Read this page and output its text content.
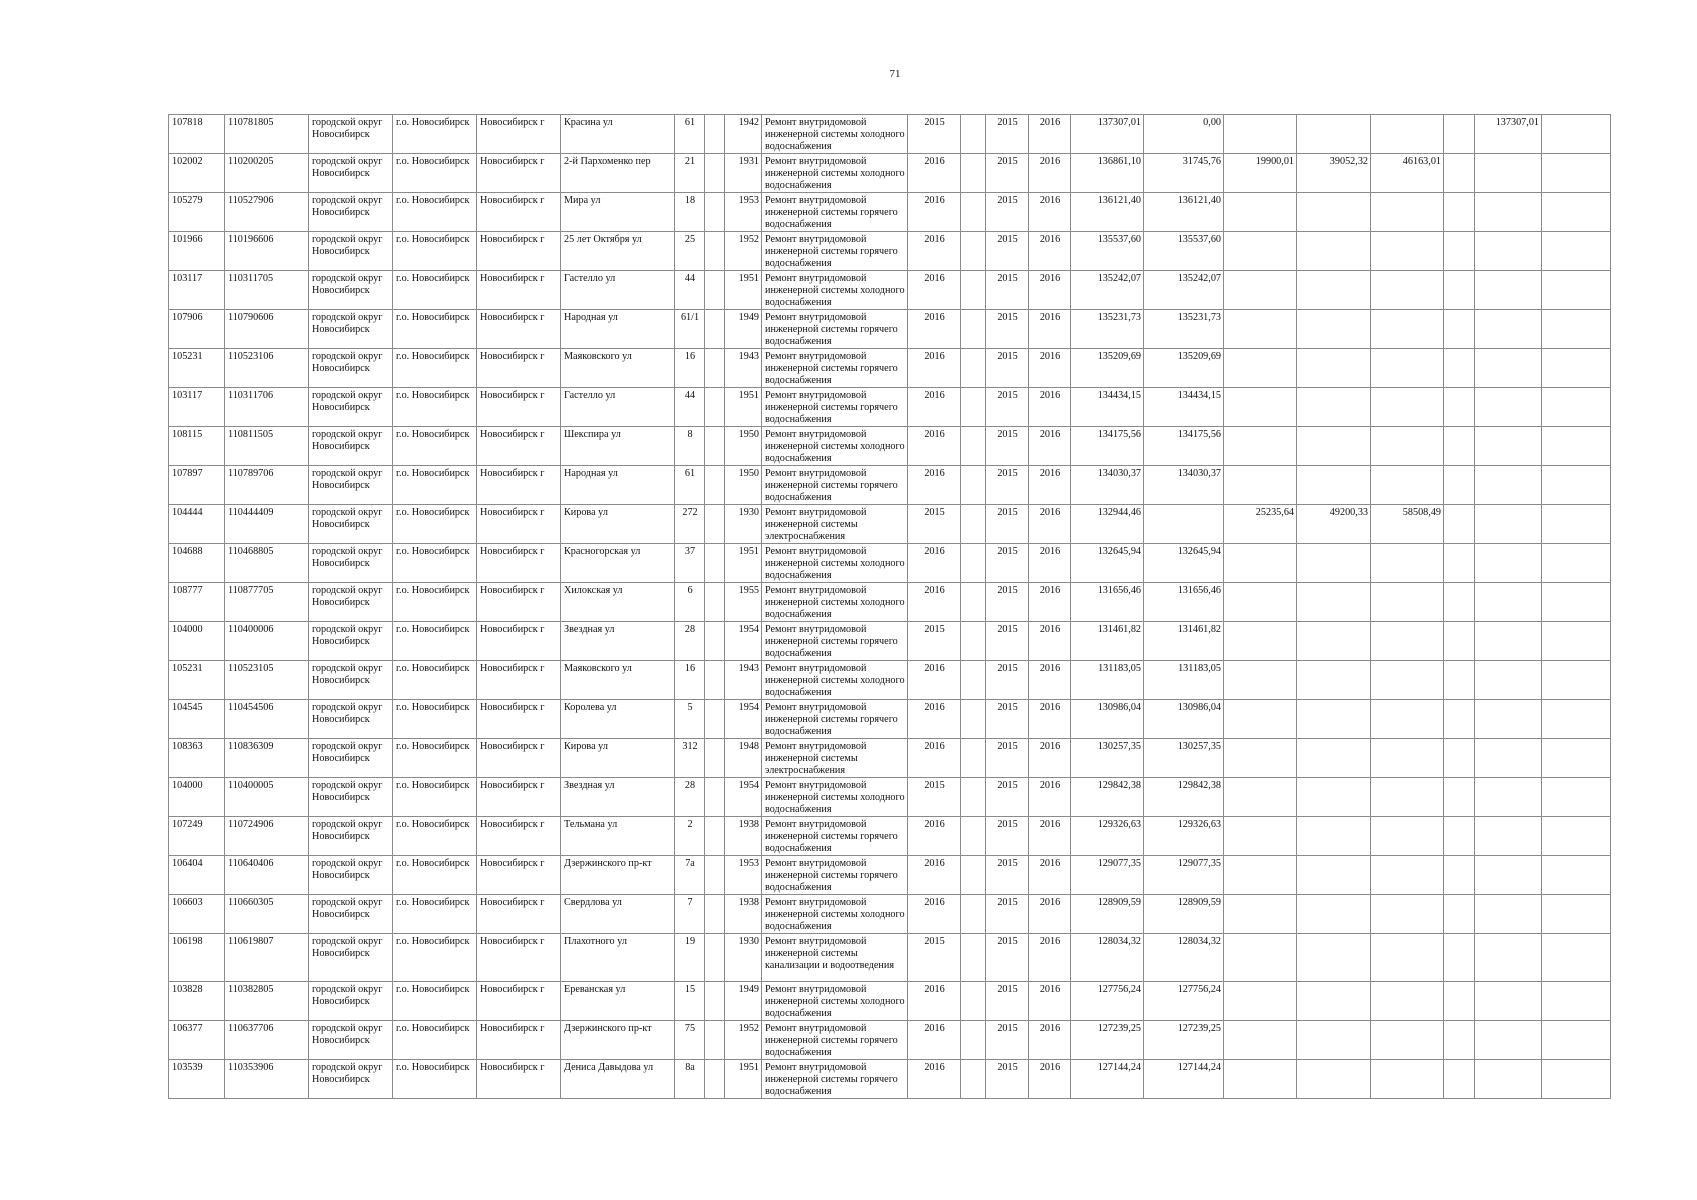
71
107818	110781805	городской округ Новосибирск	г.о. Новосибирск	Новосибирск г	Красина ул	61		1942	Ремонт внутридомовой инженерной системы холодного водоснабжения	2015		2015	2016	137307,01	0,00					137307,01	
102002	110200205	городской округ Новосибирск	г.о. Новосибирск	Новосибирск г	2-й Пархоменко пер	21		1931	Ремонт внутридомовой инженерной системы холодного водоснабжения	2016		2015	2016	136861,10	31745,76	19900,01	39052,32	46163,01			
105279	110527906	городской округ Новосибирск	г.о. Новосибирск	Новосибирск г	Мира ул	18		1953	Ремонт внутридомовой инженерной системы горячего водоснабжения	2016		2015	2016	136121,40	136121,40						
101966	110196606	городской округ Новосибирск	г.о. Новосибирск	Новосибирск г	25 лет Октября ул	25		1952	Ремонт внутридомовой инженерной системы горячего водоснабжения	2016		2015	2016	135537,60	135537,60						
103117	110311705	городской округ Новосибирск	г.о. Новосибирск	Новосибирск г	Гастелло ул	44		1951	Ремонт внутридомовой инженерной системы холодного водоснабжения	2016		2015	2016	135242,07	135242,07						
107906	110790606	городской округ Новосибирск	г.о. Новосибирск	Новосибирск г	Народная ул	61/1		1949	Ремонт внутридомовой инженерной системы горячего водоснабжения	2016		2015	2016	135231,73	135231,73						
105231	110523106	городской округ Новосибирск	г.о. Новосибирск	Новосибирск г	Маяковского ул	16		1943	Ремонт внутридомовой инженерной системы горячего водоснабжения	2016		2015	2016	135209,69	135209,69						
103117	110311706	городской округ Новосибирск	г.о. Новосибирск	Новосибирск г	Гастелло ул	44		1951	Ремонт внутридомовой инженерной системы горячего водоснабжения	2016		2015	2016	134434,15	134434,15						
108115	110811505	городской округ Новосибирск	г.о. Новосибирск	Новосибирск г	Шекспира ул	8		1950	Ремонт внутридомовой инженерной системы холодного водоснабжения	2016		2015	2016	134175,56	134175,56						
107897	110789706	городской округ Новосибирск	г.о. Новосибирск	Новосибирск г	Народная ул	61		1950	Ремонт внутридомовой инженерной системы горячего водоснабжения	2016		2015	2016	134030,37	134030,37						
104444	110444409	городской округ Новосибирск	г.о. Новосибирск	Новосибирск г	Кирова ул	272		1930	Ремонт внутридомовой инженерной системы электроснабжения	2015		2015	2016	132944,46		25235,64	49200,33	58508,49			
104688	110468805	городской округ Новосибирск	г.о. Новосибирск	Новосибирск г	Красногорская ул	37		1951	Ремонт внутридомовой инженерной системы холодного водоснабжения	2016		2015	2016	132645,94	132645,94						
108777	110877705	городской округ Новосибирск	г.о. Новосибирск	Новосибирск г	Хилокская ул	6		1955	Ремонт внутридомовой инженерной системы холодного водоснабжения	2016		2015	2016	131656,46	131656,46						
104000	110400006	городской округ Новосибирск	г.о. Новосибирск	Новосибирск г	Звездная ул	28		1954	Ремонт внутридомовой инженерной системы горячего водоснабжения	2015		2015	2016	131461,82	131461,82						
105231	110523105	городской округ Новосибирск	г.о. Новосибирск	Новосибирск г	Маяковского ул	16		1943	Ремонт внутридомовой инженерной системы холодного водоснабжения	2016		2015	2016	131183,05	131183,05						
104545	110454506	городской округ Новосибирск	г.о. Новосибирск	Новосибирск г	Королева ул	5		1954	Ремонт внутридомовой инженерной системы горячего водоснабжения	2016		2015	2016	130986,04	130986,04						
108363	110836309	городской округ Новосибирск	г.о. Новосибирск	Новосибирск г	Кирова ул	312		1948	Ремонт внутридомовой инженерной системы электроснабжения	2016		2015	2016	130257,35	130257,35						
104000	110400005	городской округ Новосибирск	г.о. Новосибирск	Новосибирск г	Звездная ул	28		1954	Ремонт внутридомовой инженерной системы холодного водоснабжения	2015		2015	2016	129842,38	129842,38						
107249	110724906	городской округ Новосибирск	г.о. Новосибирск	Новосибирск г	Тельмана ул	2		1938	Ремонт внутридомовой инженерной системы горячего водоснабжения	2016		2015	2016	129326,63	129326,63						
106404	110640406	городской округ Новосибирск	г.о. Новосибирск	Новосибирск г	Дзержинского пр-кт	7а		1953	Ремонт внутридомовой инженерной системы горячего водоснабжения	2016		2015	2016	129077,35	129077,35						
106603	110660305	городской округ Новосибирск	г.о. Новосибирск	Новосибирск г	Свердлова ул	7		1938	Ремонт внутридомовой инженерной системы холодного водоснабжения	2016		2015	2016	128909,59	128909,59						
106198	110619807	городской округ Новосибирск	г.о. Новосибирск	Новосибирск г	Плахотного ул	19		1930	Ремонт внутридомовой инженерной системы канализации и водоотведения	2015		2015	2016	128034,32	128034,32						
103828	110382805	городской округ Новосибирск	г.о. Новосибирск	Новосибирск г	Ереванская ул	15		1949	Ремонт внутридомовой инженерной системы холодного водоснабжения	2016		2015	2016	127756,24	127756,24						
106377	110637706	городской округ Новосибирск	г.о. Новосибирск	Новосибирск г	Дзержинского пр-кт	75		1952	Ремонт внутридомовой инженерной системы горячего водоснабжения	2016		2015	2016	127239,25	127239,25						
103539	110353906	городской округ Новосибирск	г.о. Новосибирск	Новосибирск г	Дениса Давыдова ул	8а		1951	Ремонт внутридомовой инженерной системы горячего водоснабжения	2016		2015	2016	127144,24	127144,24						
